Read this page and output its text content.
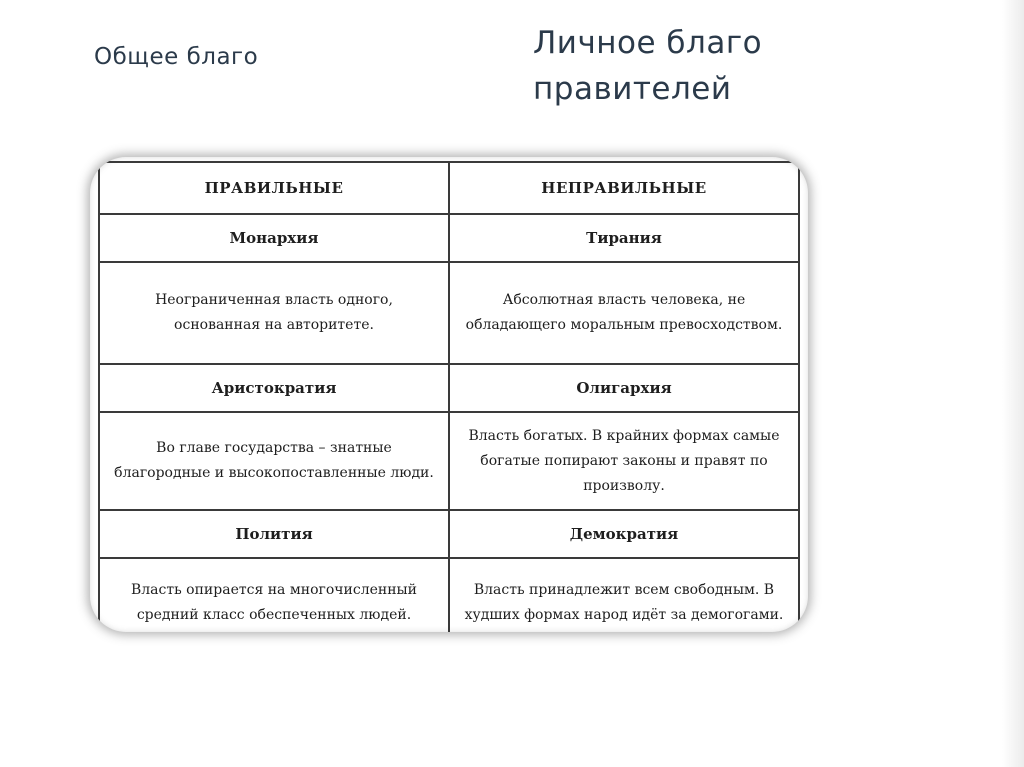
Общее благо	Личное благо правителей
ПРАВИЛЬНЫЕ	НЕПРАВИЛЬНЫЕ
Монархия	Тирания
Неограниченная власть одного, основанная на авторитете.	Абсолютная власть человека, не обладающего моральным превосходством.
Аристократия	Олигархия
Во главе государства – знатные благородные и высокопоставленные люди.	Власть богатых. В крайних формах самые богатые попирают законы и правят по произволу.
Полития	Демократия
Власть опирается на многочисленный средний класс обеспеченных людей.	Власть принадлежит всем свободным. В худших формах народ идёт за демогогами.
